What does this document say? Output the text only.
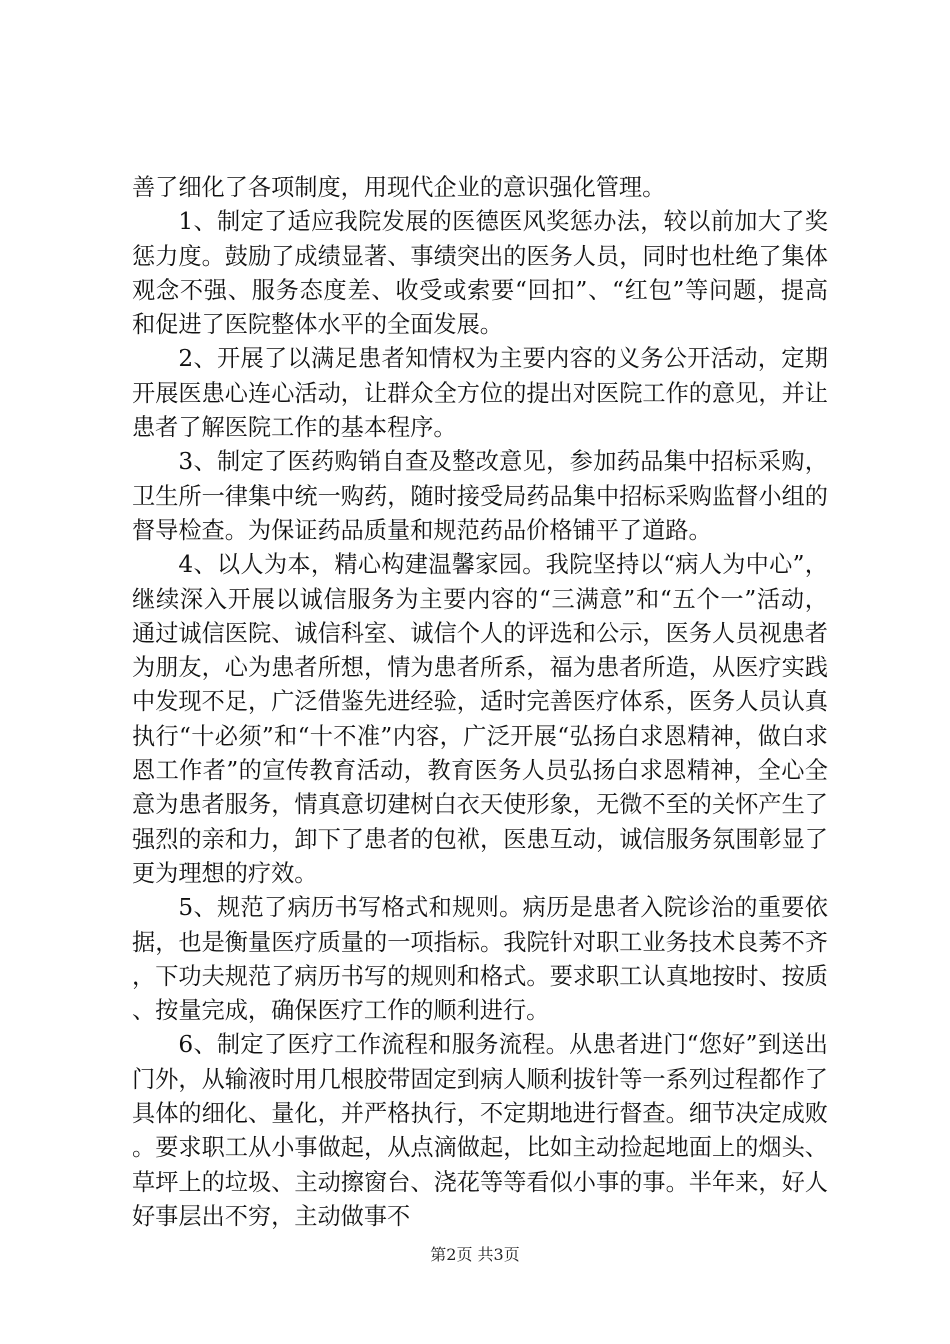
善了细化了各项制度，用现代企业的意识强化管理。

1、制定了适应我院发展的医德医风奖惩办法，较以前加大了奖惩力度。鼓励了成绩显著、事绩突出的医务人员，同时也杜绝了集体观念不强、服务态度差、收受或索要“回扣”、“红包”等问题，提高和促进了医院整体水平的全面发展。

2、开展了以满足患者知情权为主要内容的义务公开活动，定期开展医患心连心活动，让群众全方位的提出对医院工作的意见，并让患者了解医院工作的基本程序。

3、制定了医药购销自查及整改意见，参加药品集中招标采购，卫生所一律集中统一购药，随时接受局药品集中招标采购监督小组的督导检查。为保证药品质量和规范药品价格铺平了道路。

4、以人为本，精心构建温馨家园。我院坚持以“病人为中心”，继续深入开展以诚信服务为主要内容的“三满意”和“五个一”活动，通过诚信医院、诚信科室、诚信个人的评选和公示，医务人员视患者为朋友，心为患者所想，情为患者所系，福为患者所造，从医疗实践中发现不足，广泛借鉴先进经验，适时完善医疗体系，医务人员认真执行“十必须”和“十不准”内容，广泛开展“弘扬白求恩精神，做白求恩工作者”的宣传教育活动，教育医务人员弘扬白求恩精神，全心全意为患者服务，情真意切建树白衣天使形象，无微不至的关怀产生了强烈的亲和力，卸下了患者的包袱，医患互动，诚信服务氛围彰显了更为理想的疗效。

5、规范了病历书写格式和规则。病历是患者入院诊治的重要依据，也是衡量医疗质量的一项指标。我院针对职工业务技术良莠不齐，下功夫规范了病历书写的规则和格式。要求职工认真地按时、按质、按量完成，确保医疗工作的顺利进行。

6、制定了医疗工作流程和服务流程。从患者进门“您好”到送出门外，从输液时用几根胶带固定到病人顺利拔针等一系列过程都作了具体的细化、量化，并严格执行，不定期地进行督查。细节决定成败。要求职工从小事做起，从点滴做起，比如主动捡起地面上的烟头、草坪上的垃圾、主动擦窗台、浇花等等看似小事的事。半年来，好人好事层出不穷，主动做事不

第2页 共3页
